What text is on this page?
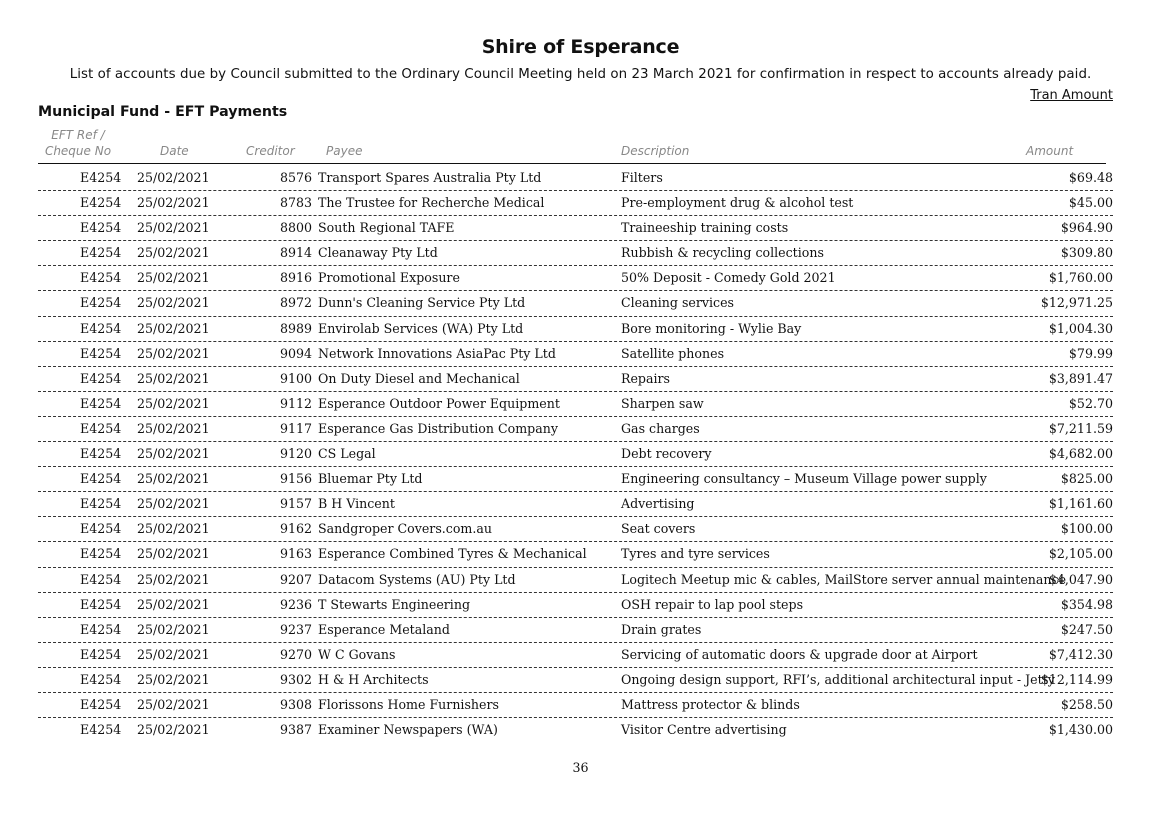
Shire of Esperance
List of accounts due by Council submitted to the Ordinary Council Meeting held on 23 March 2021 for confirmation in respect to accounts already paid.
Tran Amount
Municipal Fund - EFT Payments
EFT Ref / Cheque No	Date	Creditor	Payee	Description	Amount
E4254 25/02/2021	8576 Transport Spares Australia Pty Ltd	Filters	$69.48
E4254 25/02/2021	8783 The Trustee for Recherche Medical	Pre-employment drug & alcohol test	$45.00
E4254 25/02/2021	8800 South Regional TAFE	Traineeship training costs	$964.90
E4254 25/02/2021	8914 Cleanaway Pty Ltd	Rubbish & recycling collections	$309.80
E4254 25/02/2021	8916 Promotional Exposure	50% Deposit - Comedy Gold 2021	$1,760.00
E4254 25/02/2021	8972 Dunn's Cleaning Service Pty Ltd	Cleaning services	$12,971.25
E4254 25/02/2021	8989 Envirolab Services (WA) Pty Ltd	Bore monitoring - Wylie Bay	$1,004.30
E4254 25/02/2021	9094 Network Innovations AsiaPac Pty Ltd	Satellite phones	$79.99
E4254 25/02/2021	9100 On Duty Diesel and Mechanical	Repairs	$3,891.47
E4254 25/02/2021	9112 Esperance Outdoor Power Equipment	Sharpen saw	$52.70
E4254 25/02/2021	9117 Esperance Gas Distribution Company	Gas charges	$7,211.59
E4254 25/02/2021	9120 CS Legal	Debt recovery	$4,682.00
E4254 25/02/2021	9156 Bluemar Pty Ltd	Engineering consultancy – Museum Village power supply	$825.00
E4254 25/02/2021	9157 B H Vincent	Advertising	$1,161.60
E4254 25/02/2021	9162 Sandgroper Covers.com.au	Seat covers	$100.00
E4254 25/02/2021	9163 Esperance Combined Tyres & Mechanical	Tyres and tyre services	$2,105.00
E4254 25/02/2021	9207 Datacom Systems (AU) Pty Ltd	Logitech Meetup mic & cables, MailStore server annual maintenance
$4,047.90
E4254 25/02/2021	9236 T Stewarts Engineering	OSH repair to lap pool steps	$354.98
E4254 25/02/2021	9237 Esperance Metaland	Drain grates	$247.50
E4254 25/02/2021	9270 W C Govans	Servicing of automatic doors & upgrade door at Airport	$7,412.30
E4254 25/02/2021	9302 H & H Architects	Ongoing design support, RFI’s, additional architectural input - Jetty
$12,114.99
E4254 25/02/2021	9308 Florissons Home Furnishers	Mattress protector & blinds	$258.50
E4254 25/02/2021	9387 Examiner Newspapers (WA)	Visitor Centre advertising	$1,430.00
36
